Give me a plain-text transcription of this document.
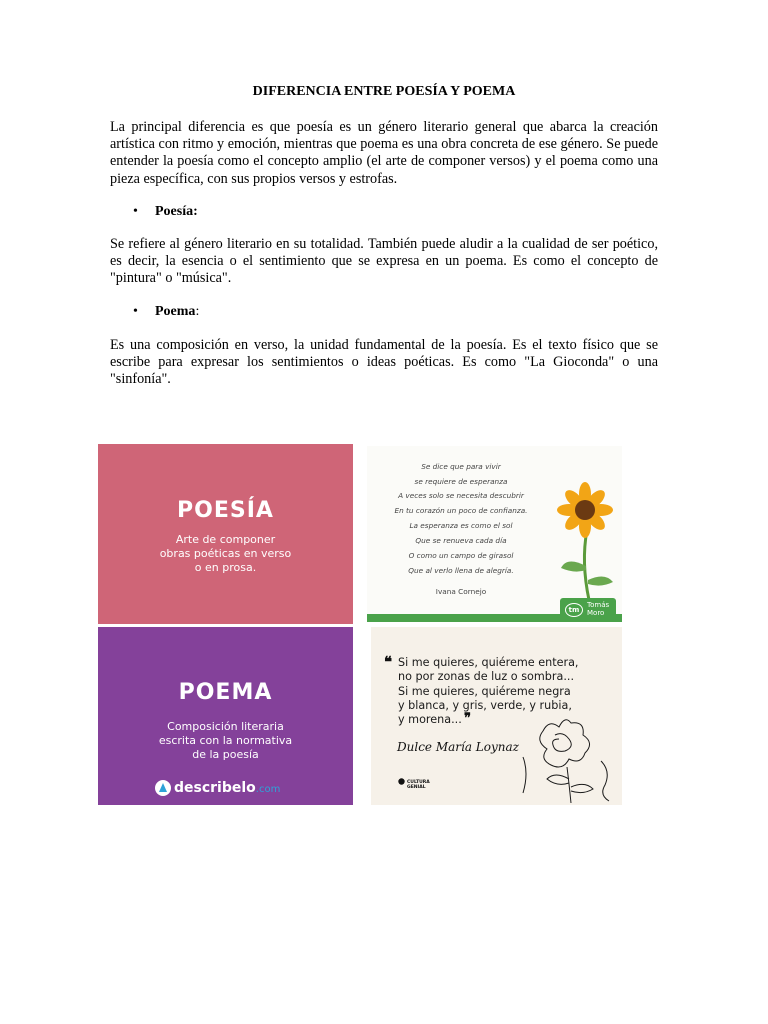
DIFERENCIA ENTRE POESÍA Y POEMA

La principal diferencia es que poesía es un género literario general que abarca la creación artística con ritmo y emoción, mientras que poema es una obra concreta de ese género. Se puede entender la poesía como el concepto amplio (el arte de componer versos) y el poema como una pieza específica, con sus propios versos y estrofas.

• Poesía:

Se refiere al género literario en su totalidad. También puede aludir a la cualidad de ser poético, es decir, la esencia o el sentimiento que se expresa en un poema. Es como el concepto de "pintura" o "música".

• Poema:

Es una composición en verso, la unidad fundamental de la poesía. Es el texto físico que se escribe para expresar los sentimientos o ideas poéticas. Es como "La Gioconda" o una "sinfonía".

POESÍA
Arte de componer
obras poéticas en verso
o en prosa.
POEMA
Composición literaria
escrita con la normativa
de la poesía
describelo.com
Se dice que para vivir
se requiere de esperanza
A veces solo se necesita descubrir
En tu corazón un poco de confianza.
La esperanza es como el sol
Que se renueva cada día
O como un campo de girasol
Que al verlo llena de alegría.
Ivana Cornejo
tm
Tomás
Moro
❝ Si me quieres, quiéreme entera,
no por zonas de luz o sombra...
Si me quieres, quiéreme negra
y blanca, y gris, verde, y rubia,
y morena... ❞
Dulce María Loynaz
CULTURA
GENIAL
